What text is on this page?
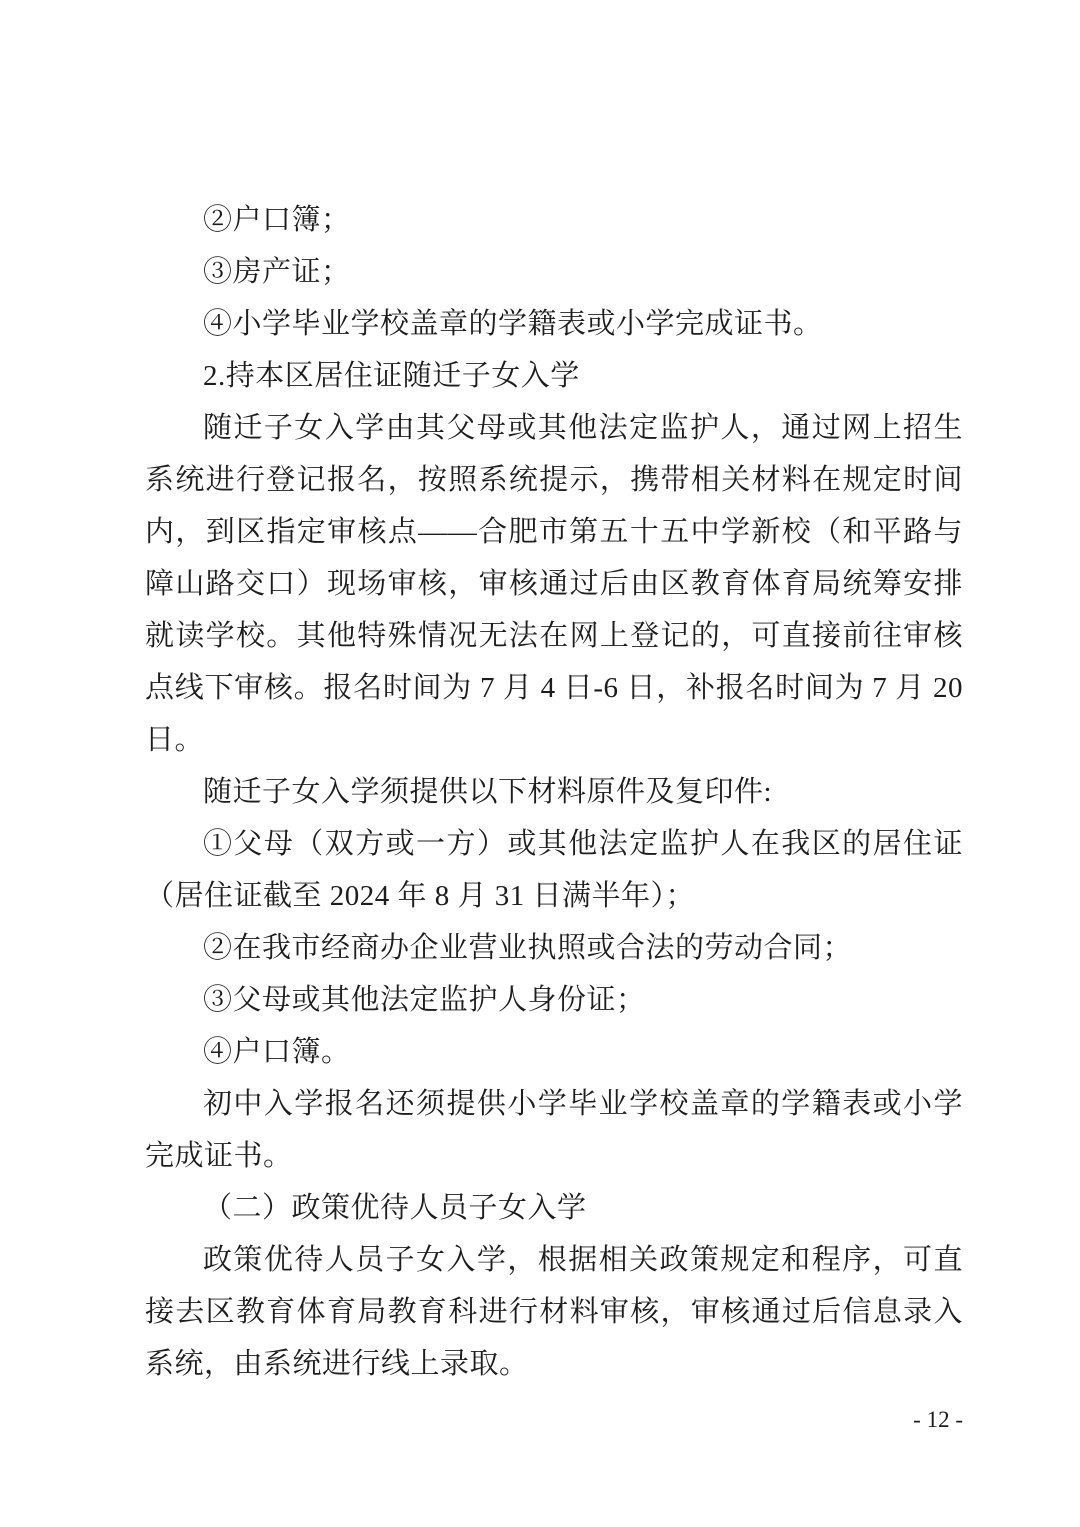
②户口簿；

③房产证；

④小学毕业学校盖章的学籍表或小学完成证书。

2.持本区居住证随迁子女入学

随迁子女入学由其父母或其他法定监护人，通过网上招生系统进行登记报名，按照系统提示，携带相关材料在规定时间内，到区指定审核点——合肥市第五十五中学新校（和平路与障山路交口）现场审核，审核通过后由区教育体育局统筹安排就读学校。其他特殊情况无法在网上登记的，可直接前往审核点线下审核。报名时间为 7 月 4 日-6 日，补报名时间为 7 月 20 日。

随迁子女入学须提供以下材料原件及复印件:

①父母（双方或一方）或其他法定监护人在我区的居住证（居住证截至 2024 年 8 月 31 日满半年）；

②在我市经商办企业营业执照或合法的劳动合同；

③父母或其他法定监护人身份证；

④户口簿。

初中入学报名还须提供小学毕业学校盖章的学籍表或小学完成证书。

（二）政策优待人员子女入学

政策优待人员子女入学，根据相关政策规定和程序，可直接去区教育体育局教育科进行材料审核，审核通过后信息录入系统，由系统进行线上录取。

- 12 -
